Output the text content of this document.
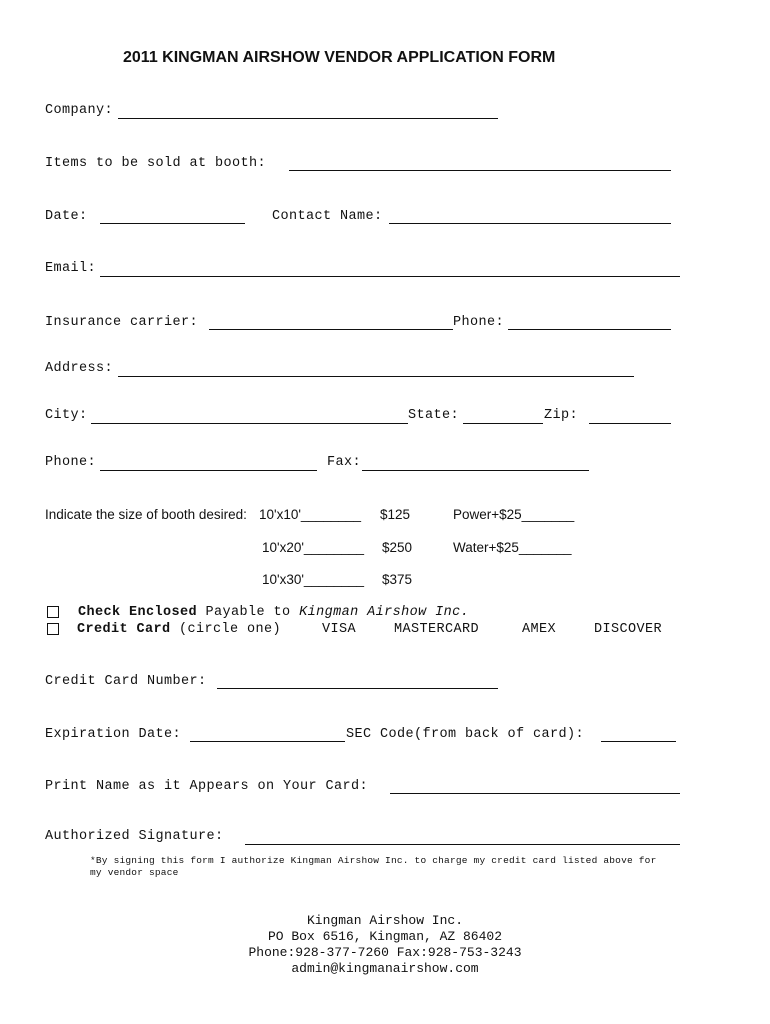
2011 KINGMAN AIRSHOW VENDOR APPLICATION FORM
Company:
Items to be sold at booth:
Date:	Contact Name:
Email:
Insurance carrier:	Phone:
Address:
City:	State:	Zip:
Phone:	Fax:
Indicate the size of booth desired: 10'x10'________ $125	Power+$25_______
10'x20'________ $250	Water+$25_______
10'x30'________ $375
Check Enclosed Payable to Kingman Airshow Inc.
Credit Card (circle one)	VISA	MASTERCARD	AMEX	DISCOVER
Credit Card Number:
Expiration Date:	SEC Code(from back of card):
Print Name as it Appears on Your Card:
Authorized Signature:
*By signing this form I authorize Kingman Airshow Inc. to charge my credit card listed above for
my vendor space
Kingman Airshow Inc.
PO Box 6516, Kingman, AZ 86402
Phone:928-377-7260 Fax:928-753-3243
admin@kingmanairshow.com
